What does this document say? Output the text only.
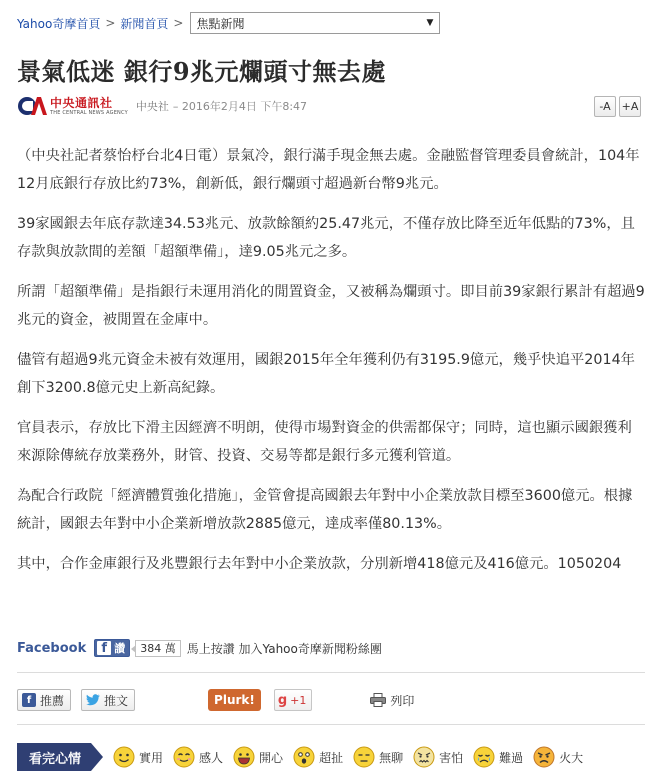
Yahoo奇摩首頁 > 新聞首頁 > 焦點新聞	▼
景氣低迷 銀行9兆元爛頭寸無去處
中央通訊社
THE CENTRAL NEWS AGENCY 中央社 – 2016年2月4日 下午8:47	-A	+A

（中央社記者蔡怡杼台北4日電）景氣冷，銀行滿手現金無去處。金融監督管理委員會統計，104年12月底銀行存放比約73%，創新低，銀行爛頭寸超過新台幣9兆元。

39家國銀去年底存款達34.53兆元、放款餘額約25.47兆元，不僅存放比降至近年低點的73%，且存款與放款間的差額「超額準備」，達9.05兆元之多。

所謂「超額準備」是指銀行未運用消化的閒置資金，又被稱為爛頭寸。即目前39家銀行累計有超過9兆元的資金，被閒置在金庫中。

儘管有超過9兆元資金未被有效運用，國銀2015年全年獲利仍有3195.9億元，幾乎快追平2014年創下3200.8億元史上新高紀錄。

官員表示，存放比下滑主因經濟不明朗，使得市場對資金的供需都保守；同時，這也顯示國銀獲利來源除傳統存放業務外，財管、投資、交易等都是銀行多元獲利管道。

為配合行政院「經濟體質強化措施」，金管會提高國銀去年對中小企業放款目標至3600億元。根據統計，國銀去年對中小企業新增放款2885億元，達成率僅80.13%。

其中，合作金庫銀行及兆豐銀行去年對中小企業放款，分別新增418億元及416億元。1050204

Facebook	f 讚	384 萬 馬上按讚 加入Yahoo奇摩新聞粉絲團
f 推薦	推文	Plurk!	g +1	列印
看完心情	實用	感人	開心	超扯	無聊	害怕	難過	火大
